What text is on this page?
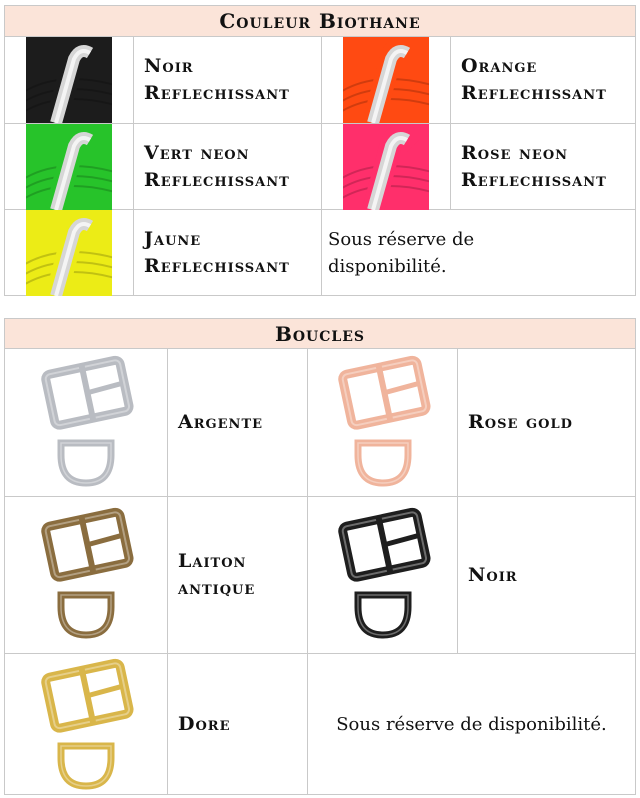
Couleur Biothane
Noir
Reflechissant
Orange
Reflechissant
Vert neon
Reflechissant
Rose neon
Reflechissant
Jaune
Reflechissant
Sous réserve de
disponibilité.
Boucles
Argente	Rose gold
Laiton
antique
Noir
Dore	Sous réserve de disponibilité.
